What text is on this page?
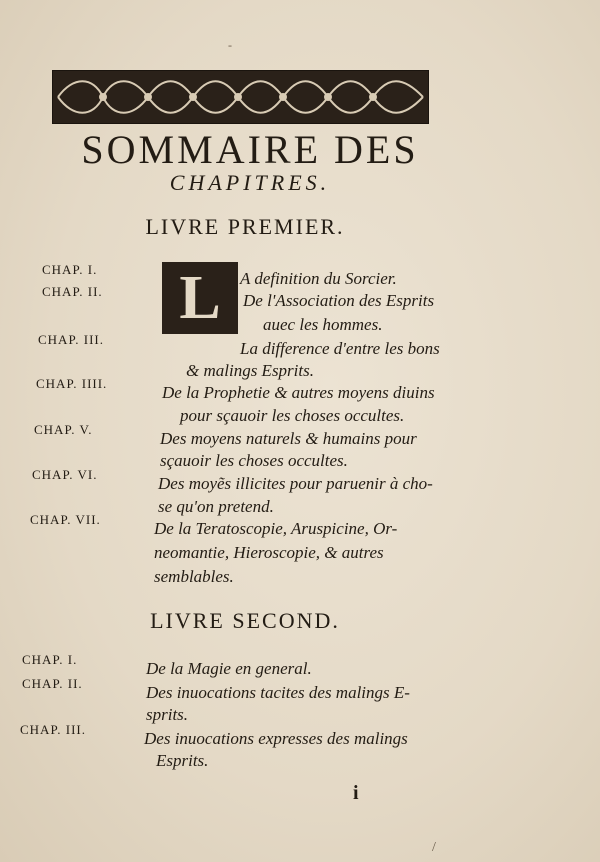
-
SOMMAIRE DES
CHAPITRES.
LIVRE PREMIER.
L
CHAP. I.	A definition du Sorcier.
CHAP. II.	De l'Association des Esprits
auec les hommes.
CHAP. III.	La difference d'entre les bons
& malings Esprits.
CHAP. IIII.	De la Prophetie & autres moyens diuins
pour sçauoir les choses occultes.
CHAP. V.	Des moyens naturels & humains pour
sçauoir les choses occultes.
CHAP. VI.	Des moyẽs illicites pour paruenir à cho-
se qu'on pretend.
CHAP. VII.	De la Teratoscopie, Aruspicine, Or-
neomantie, Hieroscopie, & autres
semblables.
LIVRE SECOND.
CHAP. I.	De la Magie en general.
CHAP. II.	Des inuocations tacites des malings E-
sprits.
CHAP. III.	Des inuocations expresses des malings
Esprits.
i
/
